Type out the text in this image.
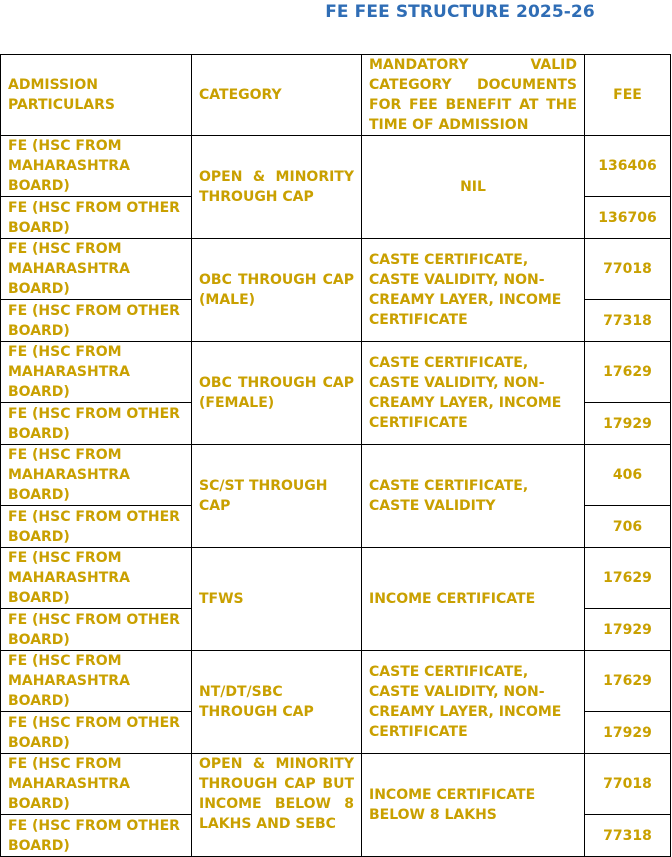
FE FEE STRUCTURE 2025-26
ADMISSION PARTICULARS	CATEGORY	MANDATORY VALID CATEGORY DOCUMENTS FOR FEE BENEFIT AT THE TIME OF ADMISSION	FEE
FE (HSC FROM MAHARASHTRA BOARD)	OPEN & MINORITY THROUGH CAP	NIL	136406
FE (HSC FROM OTHER BOARD)			136706
FE (HSC FROM MAHARASHTRA BOARD)	OBC THROUGH CAP (MALE)	CASTE CERTIFICATE, CASTE VALIDITY, NON-CREAMY LAYER, INCOME CERTIFICATE	77018
FE (HSC FROM OTHER BOARD)			77318
FE (HSC FROM MAHARASHTRA BOARD)	OBC THROUGH CAP (FEMALE)	CASTE CERTIFICATE, CASTE VALIDITY, NON-CREAMY LAYER, INCOME CERTIFICATE	17629
FE (HSC FROM OTHER BOARD)			17929
FE (HSC FROM MAHARASHTRA BOARD)	SC/ST THROUGH CAP	CASTE CERTIFICATE, CASTE VALIDITY	406
FE (HSC FROM OTHER BOARD)			706
FE (HSC FROM MAHARASHTRA BOARD)	TFWS	INCOME CERTIFICATE	17629
FE (HSC FROM OTHER BOARD)			17929
FE (HSC FROM MAHARASHTRA BOARD)	NT/DT/SBC THROUGH CAP	CASTE CERTIFICATE, CASTE VALIDITY, NON-CREAMY LAYER, INCOME CERTIFICATE	17629
FE (HSC FROM OTHER BOARD)			17929
FE (HSC FROM MAHARASHTRA BOARD)	OPEN & MINORITY THROUGH CAP BUT INCOME BELOW 8 LAKHS AND SEBC	INCOME CERTIFICATE BELOW 8 LAKHS	77018
FE (HSC FROM OTHER BOARD)			77318
